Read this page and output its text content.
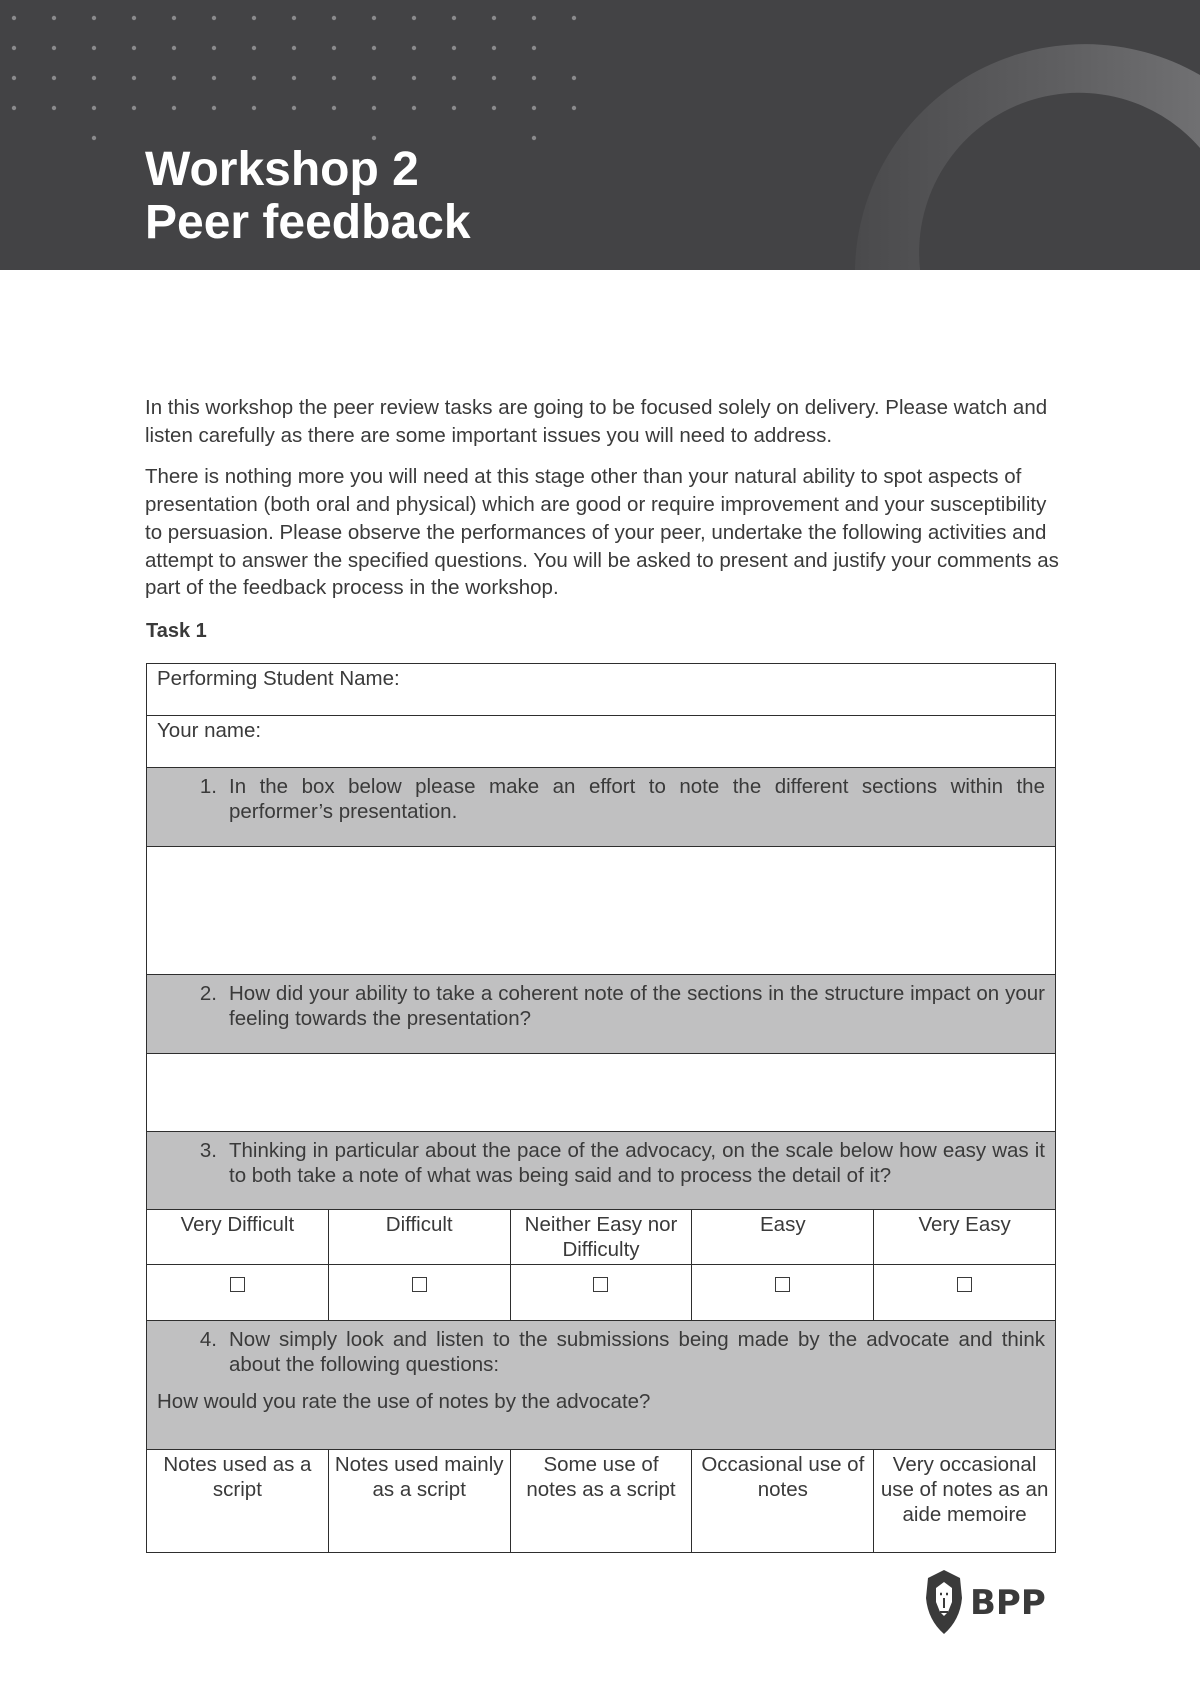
Workshop 2
Peer feedback

In this workshop the peer review tasks are going to be focused solely on delivery. Please watch and listen carefully as there are some important issues you will need to address.

There is nothing more you will need at this stage other than your natural ability to spot aspects of presentation (both oral and physical) which are good or require improvement and your susceptibility to persuasion. Please observe the performances of your peer, undertake the following activities and attempt to answer the specified questions. You will be asked to present and justify your comments as part of the feedback process in the workshop.

Task 1
Performing Student Name:				
Your name:				

1. In the box below please make an effort to note the different sections within the performer’s presentation.				

2. How did your ability to take a coherent note of the sections in the structure impact on your feeling towards the presentation?				

3. Thinking in particular about the pace of the advocacy, on the scale below how easy was it to both take a note of what was being said and to process the detail of it?				

Very Difficult	Difficult	Neither Easy nor Difficulty	Easy	Very Easy

4. Now simply look and listen to the submissions being made by the advocate and think about the following questions:
How would you rate the use of notes by the advocate?				

Notes used as a script	Notes used mainly as a script	Some use of notes as a script	Occasional use of notes	Very occasional use of notes as an aide memoire
BPP
